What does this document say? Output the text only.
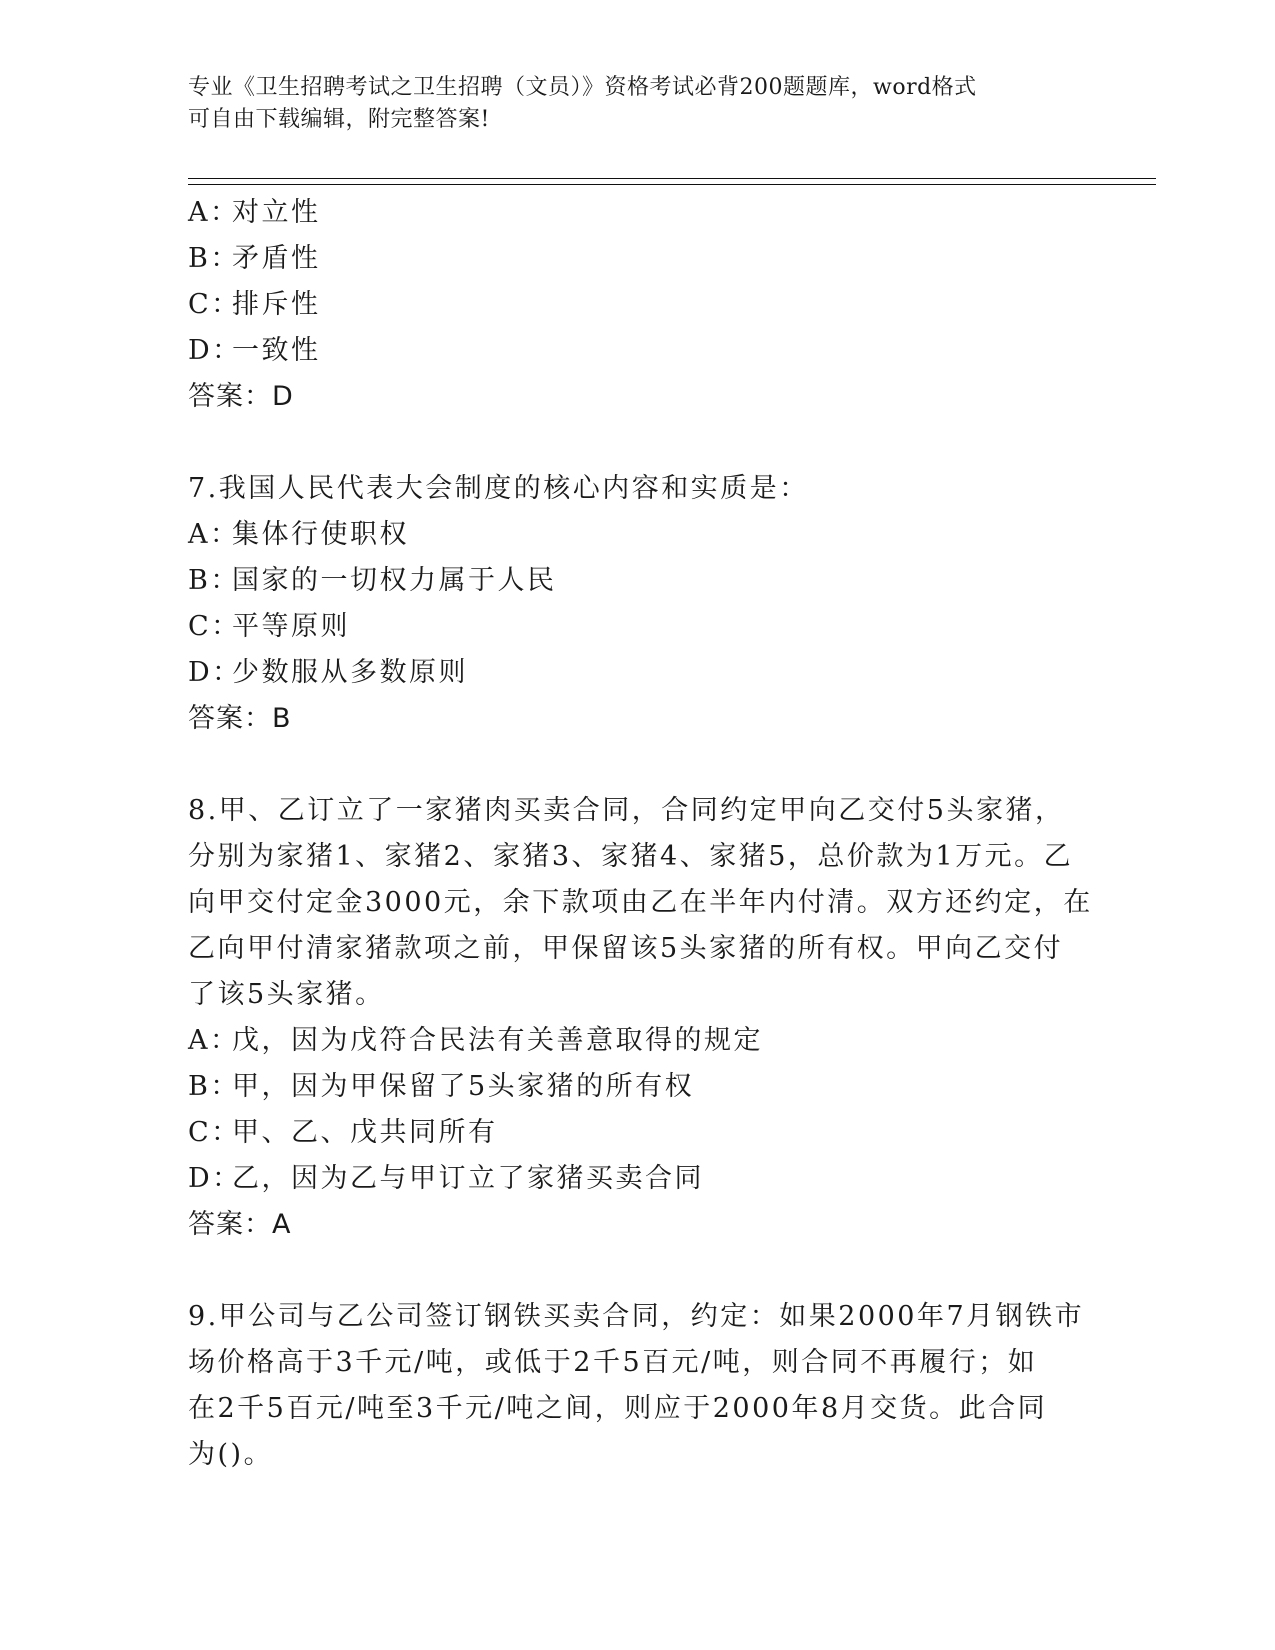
专业《卫生招聘考试之卫生招聘（文员）》资格考试必背200题题库，word格式
可自由下载编辑，附完整答案!
A：对立性
B：矛盾性
C：排斥性
D：一致性
答案：D
7.我国人民代表大会制度的核心内容和实质是：
A：集体行使职权
B：国家的一切权力属于人民
C：平等原则
D：少数服从多数原则
答案：B
8.甲、乙订立了一家猪肉买卖合同，合同约定甲向乙交付5头家猪，
分别为家猪1、家猪2、家猪3、家猪4、家猪5，总价款为1万元。乙
向甲交付定金3000元，余下款项由乙在半年内付清。双方还约定，在
乙向甲付清家猪款项之前，甲保留该5头家猪的所有权。甲向乙交付
了该5头家猪。
A：戊，因为戊符合民法有关善意取得的规定
B：甲，因为甲保留了5头家猪的所有权
C：甲、乙、戊共同所有
D：乙，因为乙与甲订立了家猪买卖合同
答案：A
9.甲公司与乙公司签订钢铁买卖合同，约定：如果2000年7月钢铁市
场价格高于3千元/吨，或低于2千5百元/吨，则合同不再履行；如
在2千5百元/吨至3千元/吨之间，则应于2000年8月交货。此合同
为()。
